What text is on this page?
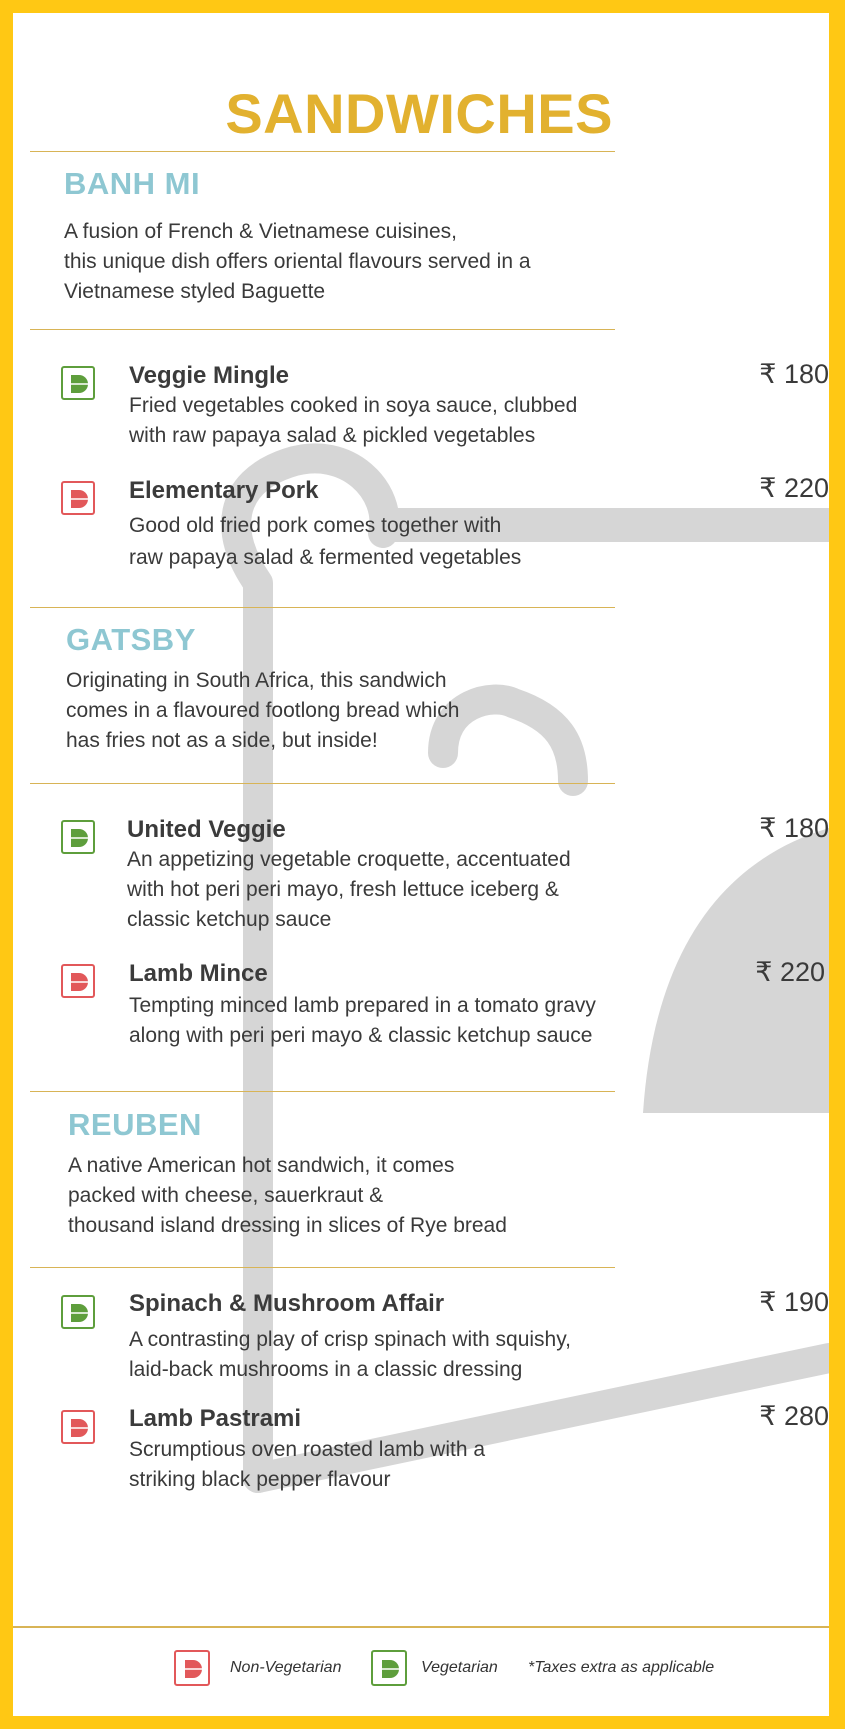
SANDWICHES
BANH MI
A fusion of French & Vietnamese cuisines,
this unique dish offers oriental flavours served in a
Vietnamese styled Baguette
Veggie Mingle
Fried vegetables cooked in soya sauce, clubbed
with raw papaya salad & pickled vegetables
₹ 180
Elementary Pork
Good old fried pork comes together with
raw papaya salad & fermented vegetables
₹ 220
GATSBY
Originating in South Africa, this sandwich
comes in a flavoured footlong bread which
has fries not as a side, but inside!
United Veggie
An appetizing vegetable croquette, accentuated
with hot peri peri mayo, fresh lettuce iceberg &
classic ketchup sauce
₹ 180
Lamb Mince
Tempting minced lamb prepared in a tomato gravy
along with peri peri mayo & classic ketchup sauce
₹ 220
REUBEN
A native American hot sandwich, it comes
packed with cheese, sauerkraut &
thousand island dressing in slices of Rye bread
Spinach & Mushroom Affair
A contrasting play of crisp spinach with squishy,
laid-back mushrooms in a classic dressing
₹ 190
Lamb Pastrami
Scrumptious oven roasted lamb with a
striking black pepper flavour
₹ 280
Non-Vegetarian	Vegetarian *Taxes extra as applicable
